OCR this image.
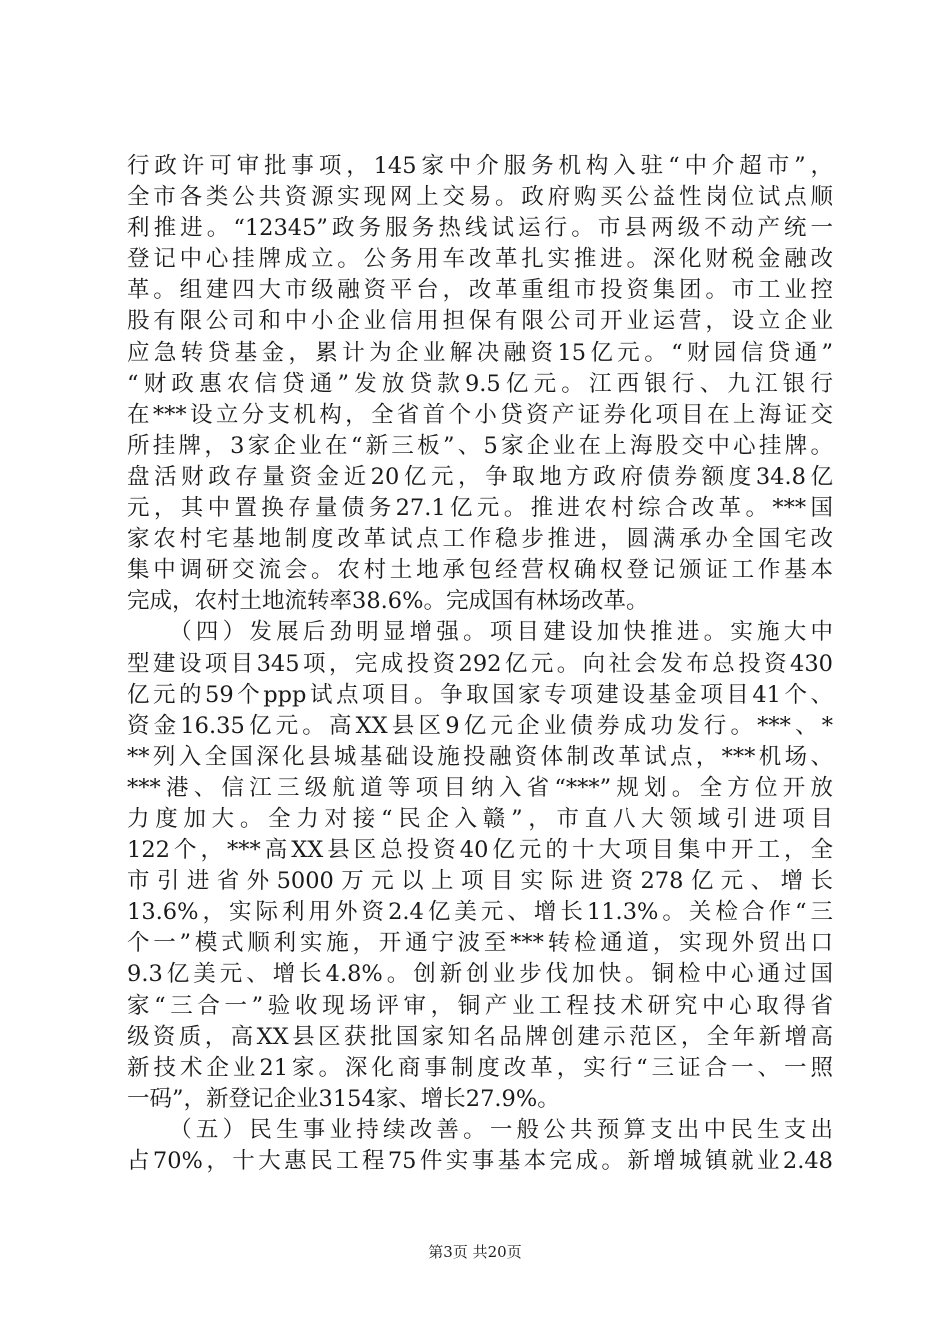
行政许可审批事项，145家中介服务机构入驻“中介超市”，
全市各类公共资源实现网上交易。政府购买公益性岗位试点顺
利推进。“12345”政务服务热线试运行。市县两级不动产统一
登记中心挂牌成立。公务用车改革扎实推进。深化财税金融改
革。组建四大市级融资平台，改革重组市投资集团。市工业控
股有限公司和中小企业信用担保有限公司开业运营，设立企业
应急转贷基金，累计为企业解决融资15亿元。“财园信贷通”
“财政惠农信贷通”发放贷款9.5亿元。江西银行、九江银行
在***设立分支机构，全省首个小贷资产证券化项目在上海证交
所挂牌，3家企业在“新三板”、5家企业在上海股交中心挂牌。
盘活财政存量资金近20亿元，争取地方政府债券额度34.8亿
元，其中置换存量债务27.1亿元。推进农村综合改革。***国
家农村宅基地制度改革试点工作稳步推进，圆满承办全国宅改
集中调研交流会。农村土地承包经营权确权登记颁证工作基本
完成，农村土地流转率38.6%。完成国有林场改革。
　　（四）发展后劲明显增强。项目建设加快推进。实施大中
型建设项目345项，完成投资292亿元。向社会发布总投资430
亿元的59个ppp试点项目。争取国家专项建设基金项目41个、
资金16.35亿元。高XX县区9亿元企业债券成功发行。***、*
**列入全国深化县城基础设施投融资体制改革试点，***机场、
***港、信江三级航道等项目纳入省“***”规划。全方位开放
力度加大。全力对接“民企入赣”，市直八大领域引进项目
122个，***高XX县区总投资40亿元的十大项目集中开工，全
市引进省外5000万元以上项目实际进资278亿元、增长
13.6%，实际利用外资2.4亿美元、增长11.3%。关检合作“三
个一”模式顺利实施，开通宁波至***转检通道，实现外贸出口
9.3亿美元、增长4.8%。创新创业步伐加快。铜检中心通过国
家“三合一”验收现场评审，铜产业工程技术研究中心取得省
级资质，高XX县区获批国家知名品牌创建示范区，全年新增高
新技术企业21家。深化商事制度改革，实行“三证合一、一照
一码”，新登记企业3154家、增长27.9%。
　　（五）民生事业持续改善。一般公共预算支出中民生支出
占70%，十大惠民工程75件实事基本完成。新增城镇就业2.48
第3页 共20页
